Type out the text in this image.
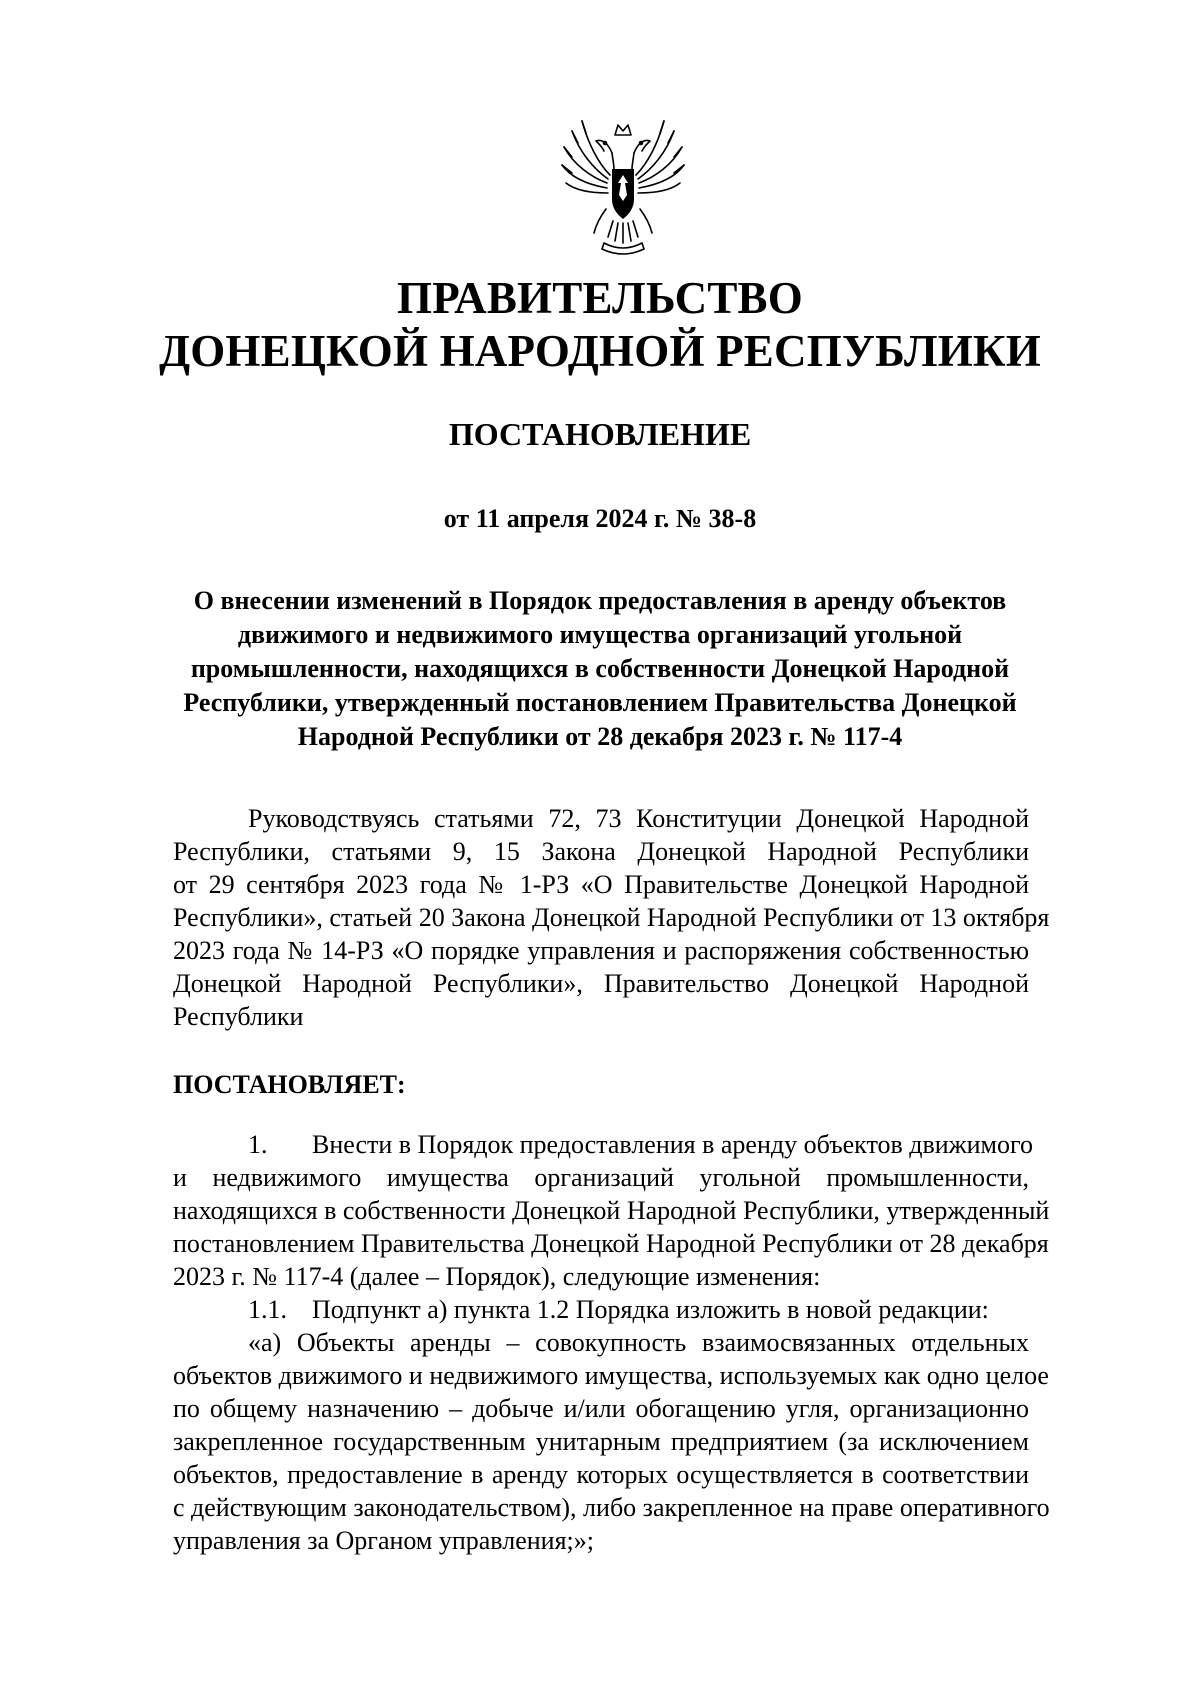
ПРАВИТЕЛЬСТВО
ДОНЕЦКОЙ НАРОДНОЙ РЕСПУБЛИКИ
ПОСТАНОВЛЕНИЕ
от 11 апреля 2024 г. № 38-8
О внесении изменений в Порядок предоставления в аренду объектов
движимого и недвижимого имущества организаций угольной
промышленности, находящихся в собственности Донецкой Народной
Республики, утвержденный постановлением Правительства Донецкой
Народной Республики от 28 декабря 2023 г. № 117-4
Руководствуясь статьями 72, 73 Конституции Донецкой Народной
Республики, статьями 9, 15 Закона Донецкой Народной Республики
от 29 сентября 2023 года № 1-РЗ «О Правительстве Донецкой Народной
Республики», статьей 20 Закона Донецкой Народной Республики от 13 октября
2023 года № 14-РЗ «О порядке управления и распоряжения собственностью
Донецкой Народной Республики», Правительство Донецкой Народной
Республики
ПОСТАНОВЛЯЕТ:
1. Внести в Порядок предоставления в аренду объектов движимого
и недвижимого имущества организаций угольной промышленности,
находящихся в собственности Донецкой Народной Республики, утвержденный
постановлением Правительства Донецкой Народной Республики от 28 декабря
2023 г. № 117-4 (далее – Порядок), следующие изменения:
1.1. Подпункт а) пункта 1.2 Порядка изложить в новой редакции:
«а) Объекты аренды – совокупность взаимосвязанных отдельных
объектов движимого и недвижимого имущества, используемых как одно целое
по общему назначению – добыче и/или обогащению угля, организационно
закрепленное государственным унитарным предприятием (за исключением
объектов, предоставление в аренду которых осуществляется в соответствии
с действующим законодательством), либо закрепленное на праве оперативного
управления за Органом управления;»;
